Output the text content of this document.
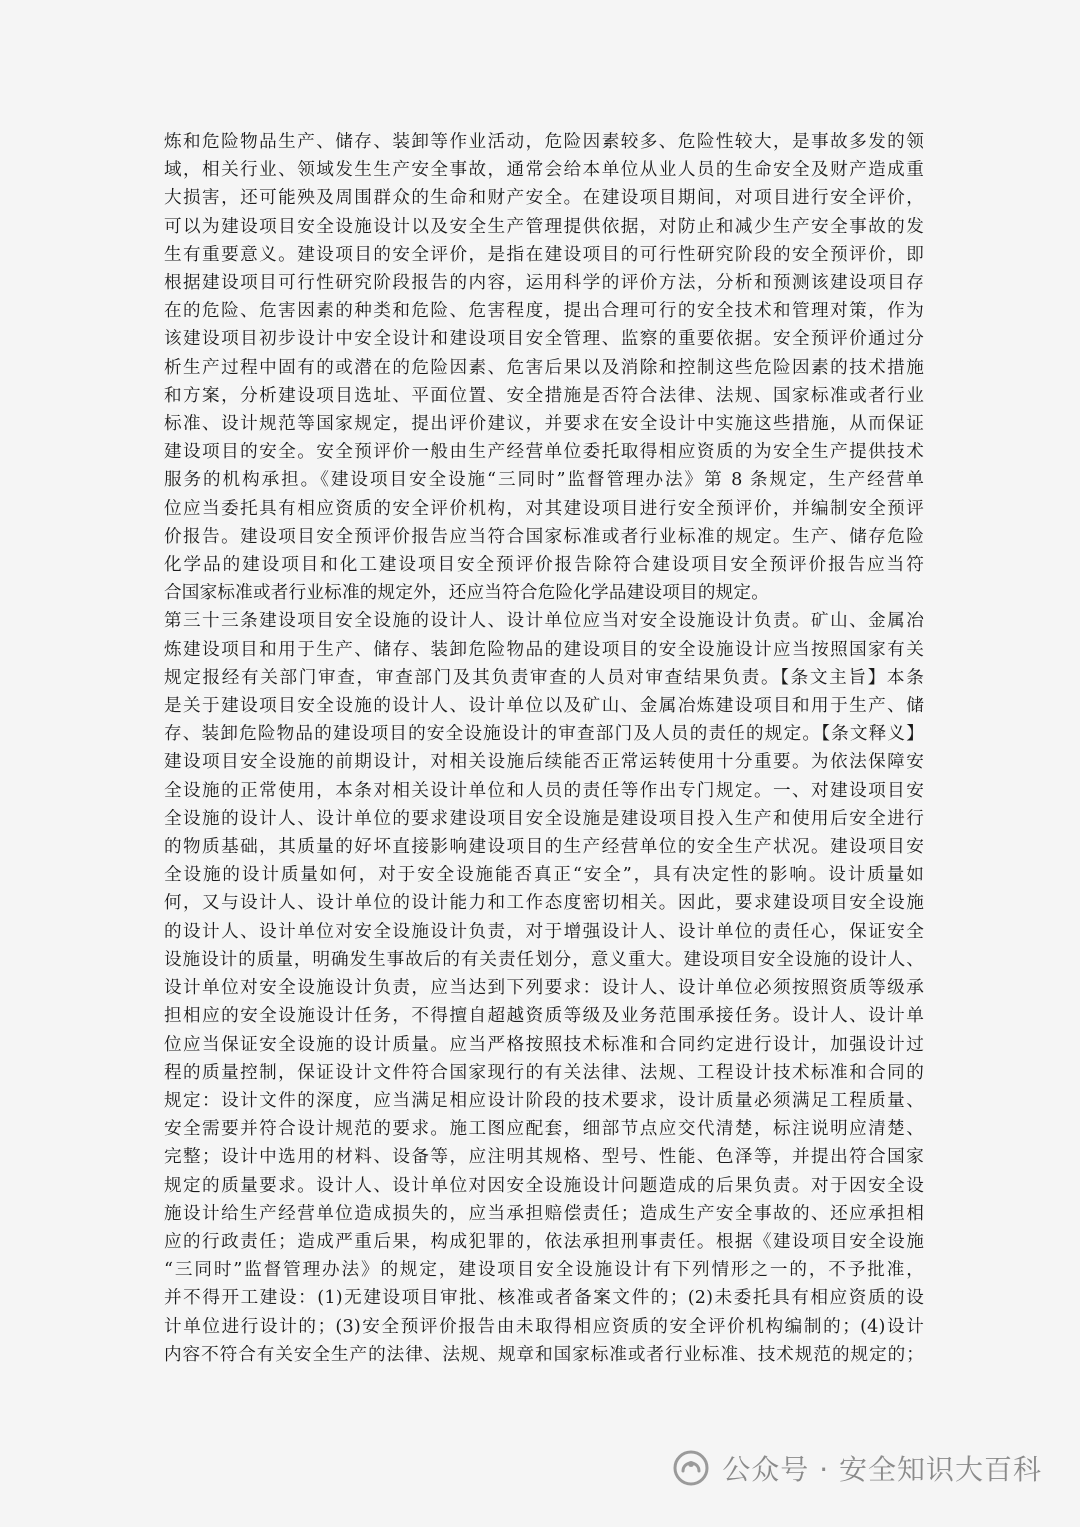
炼和危险物品生产、储存、装卸等作业活动，危险因素较多、危险性较大，是事故多发的领
域，相关行业、领域发生生产安全事故，通常会给本单位从业人员的生命安全及财产造成重
大损害，还可能殃及周围群众的生命和财产安全。在建设项目期间，对项目进行安全评价，
可以为建设项目安全设施设计以及安全生产管理提供依据，对防止和减少生产安全事故的发
生有重要意义。建设项目的安全评价，是指在建设项目的可行性研究阶段的安全预评价，即
根据建设项目可行性研究阶段报告的内容，运用科学的评价方法，分析和预测该建设项目存
在的危险、危害因素的种类和危险、危害程度，提出合理可行的安全技术和管理对策，作为
该建设项目初步设计中安全设计和建设项目安全管理、监察的重要依据。安全预评价通过分
析生产过程中固有的或潜在的危险因素、危害后果以及消除和控制这些危险因素的技术措施
和方案，分析建设项目选址、平面位置、安全措施是否符合法律、法规、国家标准或者行业
标准、设计规范等国家规定，提出评价建议，并要求在安全设计中实施这些措施，从而保证
建设项目的安全。安全预评价一般由生产经营单位委托取得相应资质的为安全生产提供技术
服务的机构承担。《建设项目安全设施“三同时”监督管理办法》第 8 条规定，生产经营单
位应当委托具有相应资质的安全评价机构，对其建设项目进行安全预评价，并编制安全预评
价报告。建设项目安全预评价报告应当符合国家标准或者行业标准的规定。生产、储存危险
化学品的建设项目和化工建设项目安全预评价报告除符合建设项目安全预评价报告应当符
合国家标准或者行业标准的规定外，还应当符合危险化学品建设项目的规定。
第三十三条建设项目安全设施的设计人、设计单位应当对安全设施设计负责。矿山、金属冶
炼建设项目和用于生产、储存、装卸危险物品的建设项目的安全设施设计应当按照国家有关
规定报经有关部门审查，审查部门及其负责审查的人员对审查结果负责。【条文主旨】本条
是关于建设项目安全设施的设计人、设计单位以及矿山、金属冶炼建设项目和用于生产、储
存、装卸危险物品的建设项目的安全设施设计的审查部门及人员的责任的规定。【条文释义】
建设项目安全设施的前期设计，对相关设施后续能否正常运转使用十分重要。为依法保障安
全设施的正常使用，本条对相关设计单位和人员的责任等作出专门规定。一、对建设项目安
全设施的设计人、设计单位的要求建设项目安全设施是建设项目投入生产和使用后安全进行
的物质基础，其质量的好坏直接影响建设项目的生产经营单位的安全生产状况。建设项目安
全设施的设计质量如何，对于安全设施能否真正“安全”，具有决定性的影响。设计质量如
何，又与设计人、设计单位的设计能力和工作态度密切相关。因此，要求建设项目安全设施
的设计人、设计单位对安全设施设计负责，对于增强设计人、设计单位的责任心，保证安全
设施设计的质量，明确发生事故后的有关责任划分，意义重大。建设项目安全设施的设计人、
设计单位对安全设施设计负责，应当达到下列要求：设计人、设计单位必须按照资质等级承
担相应的安全设施设计任务，不得擅自超越资质等级及业务范围承接任务。设计人、设计单
位应当保证安全设施的设计质量。应当严格按照技术标准和合同约定进行设计，加强设计过
程的质量控制，保证设计文件符合国家现行的有关法律、法规、工程设计技术标准和合同的
规定：设计文件的深度，应当满足相应设计阶段的技术要求，设计质量必须满足工程质量、
安全需要并符合设计规范的要求。施工图应配套，细部节点应交代清楚，标注说明应清楚、
完整；设计中选用的材料、设备等，应注明其规格、型号、性能、色泽等，并提出符合国家
规定的质量要求。设计人、设计单位对因安全设施设计问题造成的后果负责。对于因安全设
施设计给生产经营单位造成损失的，应当承担赔偿责任；造成生产安全事故的、还应承担相
应的行政责任；造成严重后果，构成犯罪的，依法承担刑事责任。根据《建设项目安全设施
“三同时”监督管理办法》的规定，建设项目安全设施设计有下列情形之一的，不予批准，
并不得开工建设：(1)无建设项目审批、核准或者备案文件的；(2)未委托具有相应资质的设
计单位进行设计的；(3)安全预评价报告由未取得相应资质的安全评价机构编制的；(4)设计
内容不符合有关安全生产的法律、法规、规章和国家标准或者行业标准、技术规范的规定的；
公众号 · 安全知识大百科
